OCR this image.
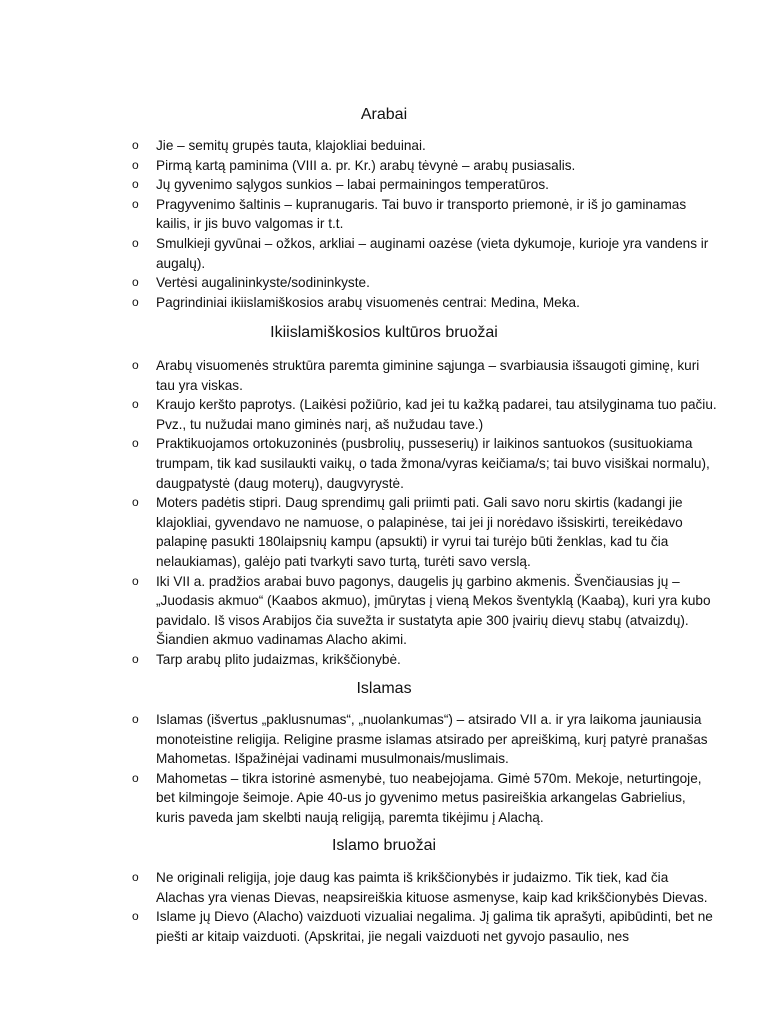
Arabai
o Jie – semitų grupės tauta, klajokliai beduinai.
o Pirmą kartą paminima (VIII a. pr. Kr.) arabų tėvynė – arabų pusiasalis.
o Jų gyvenimo sąlygos sunkios – labai permainingos temperatūros.
o Pragyvenimo šaltinis – kupranugaris. Tai buvo ir transporto priemonė, ir iš jo gaminamas kailis, ir jis buvo valgomas ir t.t.
o Smulkieji gyvūnai – ožkos, arkliai – auginami oazėse (vieta dykumoje, kurioje yra vandens ir augalų).
o Vertėsi augalininkyste/sodininkyste.
o Pagrindiniai ikiislamiškosios arabų visuomenės centrai: Medina, Meka.
Ikiislamiškosios kultūros bruožai
o Arabų visuomenės struktūra paremta giminine sąjunga – svarbiausia išsaugoti giminę, kuri tau yra viskas.
o Kraujo keršto paprotys. (Laikėsi požiūrio, kad jei tu kažką padarei, tau atsilyginama tuo pačiu. Pvz., tu nužudai mano giminės narį, aš nužudau tave.)
o Praktikuojamos ortokuzoninės (pusbrolių, pusseserių) ir laikinos santuokos (susituokiama trumpam, tik kad susilaukti vaikų, o tada žmona/vyras keičiama/s; tai buvo visiškai normalu), daugpatystė (daug moterų), daugvyrystė.
o Moters padėtis stipri. Daug sprendimų gali priimti pati. Gali savo noru skirtis (kadangi jie klajokliai, gyvendavo ne namuose, o palapinėse, tai jei ji norėdavo išsiskirti, tereikėdavo palapinę pasukti 180laipsnių kampu (apsukti) ir vyrui tai turėjo būti ženklas, kad tu čia nelaukiamas), galėjo pati tvarkyti savo turtą, turėti savo verslą.
o Iki VII a. pradžios arabai buvo pagonys, daugelis jų garbino akmenis. Švenčiausias jų – „Juodasis akmuo“ (Kaabos akmuo), įmūrytas į vieną Mekos šventyklą (Kaabą), kuri yra kubo pavidalo. Iš visos Arabijos čia suvežta ir sustatyta apie 300 įvairių dievų stabų (atvaizdų). Šiandien akmuo vadinamas Alacho akimi.
o Tarp arabų plito judaizmas, krikščionybė.
Islamas
o Islamas (išvertus „paklusnumas“, „nuolankumas“) – atsirado VII a. ir yra laikoma jauniausia monoteistine religija. Religine prasme islamas atsirado per apreiškimą, kurį patyrė pranašas Mahometas. Išpažinėjai vadinami musulmonais/muslimais.
o Mahometas – tikra istorinė asmenybė, tuo neabejojama. Gimė 570m. Mekoje, neturtingoje, bet kilmingoje šeimoje. Apie 40-us jo gyvenimo metus pasireiškia arkangelas Gabrielius, kuris paveda jam skelbti naują religiją, paremta tikėjimu į Alachą.
Islamo bruožai
o Ne originali religija, joje daug kas paimta iš krikščionybės ir judaizmo. Tik tiek, kad čia Alachas yra vienas Dievas, neapsireiškia kituose asmenyse, kaip kad krikščionybės Dievas.
o Islame jų Dievo (Alacho) vaizduoti vizualiai negalima. Jį galima tik aprašyti, apibūdinti, bet ne piešti ar kitaip vaizduoti. (Apskritai, jie negali vaizduoti net gyvojo pasaulio, nes
